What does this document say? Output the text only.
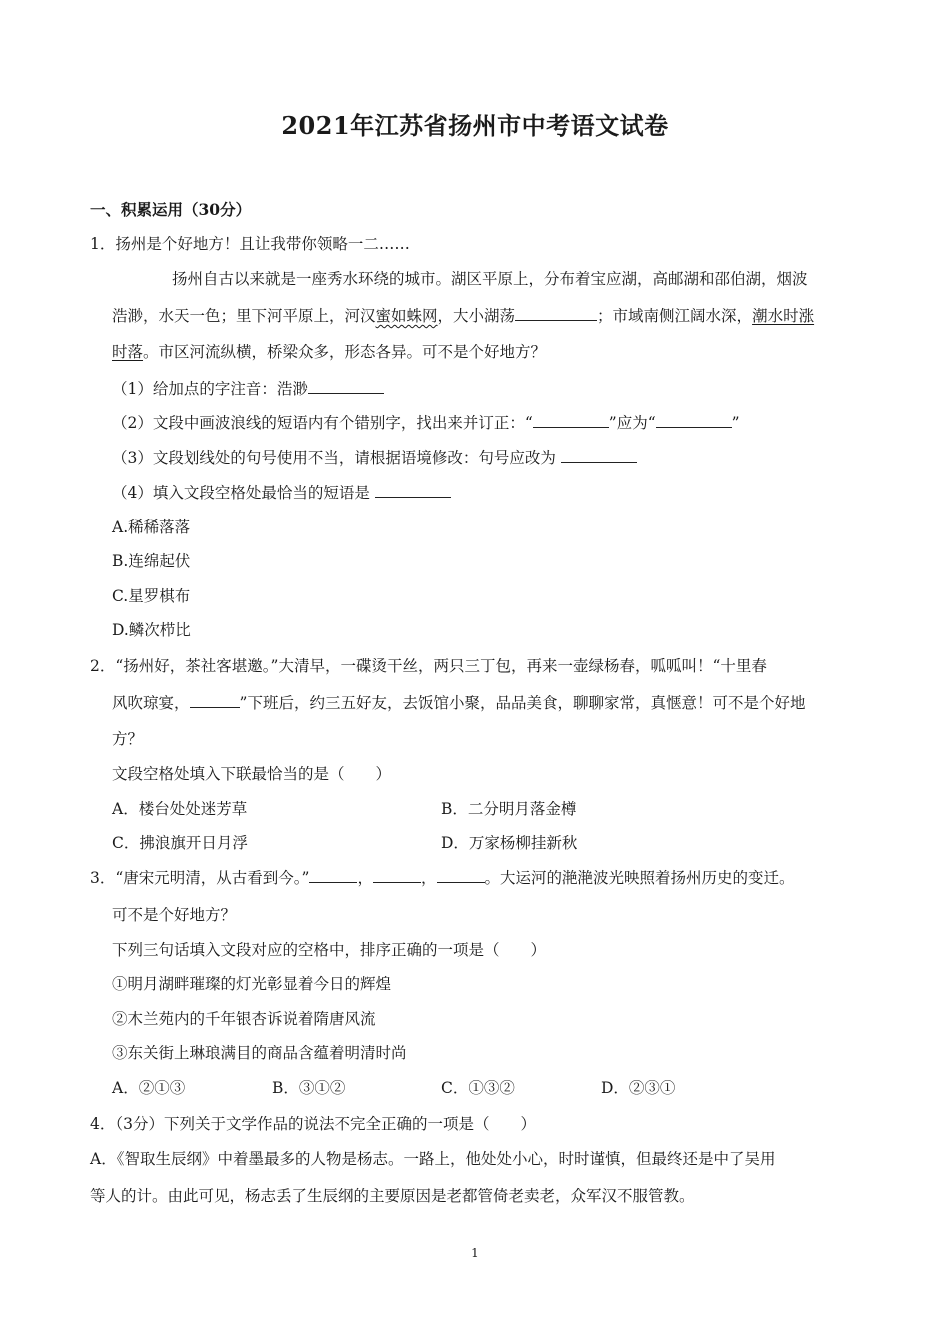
2021年江苏省扬州市中考语文试卷
一、积累运用（30分）
1．扬州是个好地方！且让我带你领略一二……
扬州自古以来就是一座秀水环绕的城市。湖区平原上，分布着宝应湖，高邮湖和邵伯湖，烟波
浩渺，水天一色；里下河平原上，河汉蜜如蛛网，大小湖荡	；市域南侧江阔水深，潮水时涨
时落。市区河流纵横，桥梁众多，形态各异。可不是个好地方？
（1）给加点的字注音：浩渺
（2）文段中画波浪线的短语内有个错别字，找出来并订正：“	”应为“	”
（3）文段划线处的句号使用不当，请根据语境修改：句号应改为
（4）填入文段空格处最恰当的短语是
A.稀稀落落
B.连绵起伏
C.星罗棋布
D.鳞次栉比
2．“扬州好，茶社客堪邀。”大清早，一碟烫干丝，两只三丁包，再来一壶绿杨春，呱呱叫！“十里春
风吹琼宴，	”下班后，约三五好友，去饭馆小聚，品品美食，聊聊家常，真惬意！可不是个好地
方？
文段空格处填入下联最恰当的是（　　）
A．楼台处处迷芳草	B．二分明月落金樽
C．拂浪旗开日月浮	D．万家杨柳挂新秋
3．“唐宋元明清，从古看到今。”	，	，	。大运河的滟滟波光映照着扬州历史的变迁。
可不是个好地方？
下列三句话填入文段对应的空格中，排序正确的一项是（　　）
①明月湖畔璀璨的灯光彰显着今日的辉煌
②木兰苑内的千年银杏诉说着隋唐风流
③东关街上琳琅满目的商品含蕴着明清时尚
A．②①③	B．③①②	C．①③②	D．②③①
4．（3分）下列关于文学作品的说法不完全正确的一项是（　　）
A．《智取生辰纲》中着墨最多的人物是杨志。一路上，他处处小心，时时谨慎，但最终还是中了吴用
等人的计。由此可见，杨志丢了生辰纲的主要原因是老都管倚老卖老，众军汉不服管教。
1
